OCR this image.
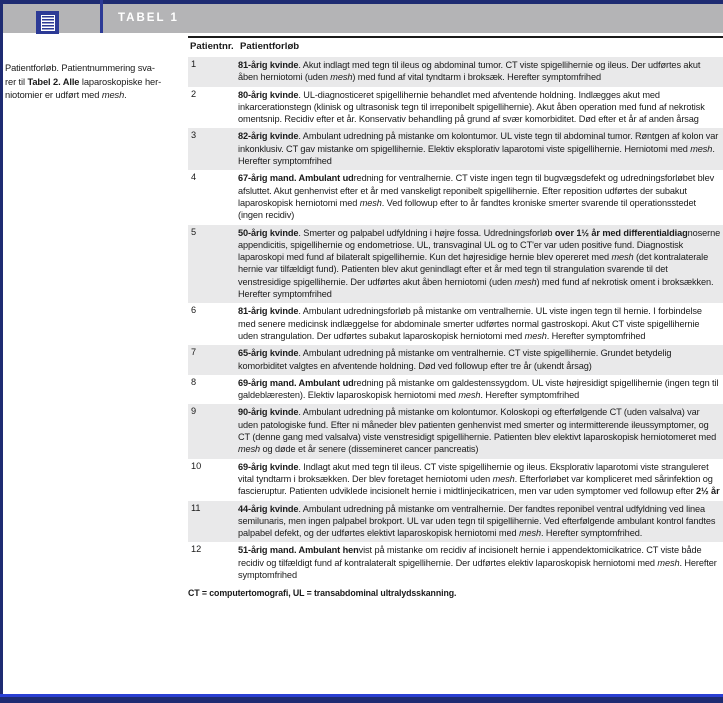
TABEL 1
Patientforløb. Patientnummering sva-
rer til Tabel 2. Alle laparoskopiske her-
niotomier er udført med mesh.
Patientnr. Patientforløb
1	81-årig kvinde. Akut indlagt med tegn til ileus og abdominal tumor. CT viste spigellihernie og ileus. Der udførtes akut åben herniotomi (uden mesh) med fund af vital tyndtarm i broksæk. Herefter symptomfrihed
2	80-årig kvinde. UL-diagnosticeret spigellihernie behandlet med afventende holdning. Indlægges akut med inkarcerationstegn (klinisk og ultrasonisk tegn til irreponibelt spigellihernie). Akut åben operation med fund af nekrotisk omentsnip. Recidiv efter et år. Konservativ behandling på grund af svær komorbiditet. Død efter et år af anden årsag
3	82-årig kvinde. Ambulant udredning på mistanke om kolontumor. UL viste tegn til abdominal tumor. Røntgen af kolon var inkonklusiv. CT gav mistanke om spigellihernie. Elektiv eksplorativ laparotomi viste spigellihernie. Herniotomi med mesh. Herefter symptomfrihed
4	67-årig mand. Ambulant udredning for ventralhernie. CT viste ingen tegn til bugvægsdefekt og udredningsforløbet blev afsluttet. Akut genhenvist efter et år med vanskeligt reponibelt spigellihernie. Efter reposition udførtes der subakut laparoskopisk herniotomi med mesh. Ved followup efter to år fandtes kroniske smerter svarende til operationsstedet (ingen recidiv)
5	50-årig kvinde. Smerter og palpabel udfyldning i højre fossa. Udredningsforløb over 1½ år med differentialdiagnoserne appendicitis, spigellihernie og endometriose. UL, transvaginal UL og to CT'er var uden positive fund. Diagnostisk laparoskopi med fund af bilateralt spigellihernie. Kun det højresidige hernie blev opereret med mesh (det kontralaterale hernie var tilfældigt fund). Patienten blev akut genindlagt efter et år med tegn til strangulation svarende til det venstresidige spigellihernie. Der udførtes akut åben herniotomi (uden mesh) med fund af nekrotisk oment i broksækken. Herefter symptomfrihed
6	81-årig kvinde. Ambulant udredningsforløb på mistanke om ventralhernie. UL viste ingen tegn til hernie. I forbindelse med senere medicinsk indlæggelse for abdominale smerter udførtes normal gastroskopi. Akut CT viste spigellihernie uden strangulation. Der udførtes subakut laparoskopisk herniotomi med mesh. Herefter symptomfrihed
7	65-årig kvinde. Ambulant udredning på mistanke om ventralhernie. CT viste spigellihernie. Grundet betydelig komorbiditet valgtes en afventende holdning. Død ved followup efter tre år (ukendt årsag)
8	69-årig mand. Ambulant udredning på mistanke om galdestenssygdom. UL viste højresidigt spigellihernie (ingen tegn til galdeblæresten). Elektiv laparoskopisk herniotomi med mesh. Herefter symptomfrihed
9	90-årig kvinde. Ambulant udredning på mistanke om kolontumor. Koloskopi og efterfølgende CT (uden valsalva) var uden patologiske fund. Efter ni måneder blev patienten genhenvist med smerter og intermitterende ileussymptomer, og CT (denne gang med valsalva) viste venstresidigt spigellihernie. Patienten blev elektivt laparoskopisk herniotomeret med mesh og døde et år senere (dissemineret cancer pancreatis)
10	69-årig kvinde. Indlagt akut med tegn til ileus. CT viste spigellihernie og ileus. Eksplorativ laparotomi viste stranguleret vital tyndtarm i broksækken. Der blev foretaget herniotomi uden mesh. Efterforløbet var kompliceret med sårinfektion og fascieruptur. Patienten udviklede incisionelt hernie i midtlinjecikatricen, men var uden symptomer ved followup efter 2½ år
11	44-årig kvinde. Ambulant udredning på mistanke om ventralhernie. Der fandtes reponibel ventral udfyldning ved linea semilunaris, men ingen palpabel brokport. UL var uden tegn til spigellihernie. Ved efterfølgende ambulant kontrol fandtes palpabel defekt, og der udførtes elektivt laparoskopisk herniotomi med mesh. Herefter symptomfrihed.
12	51-årig mand. Ambulant henvist på mistanke om recidiv af incisionelt hernie i appendektomicikatrice. CT viste både recidiv og tilfældigt fund af kontralateralt spigellihernie. Der udførtes elektiv laparoskopisk herniotomi med mesh. Herefter symptomfrihed
CT = computertomografi, UL = transabdominal ultralydsskanning.
